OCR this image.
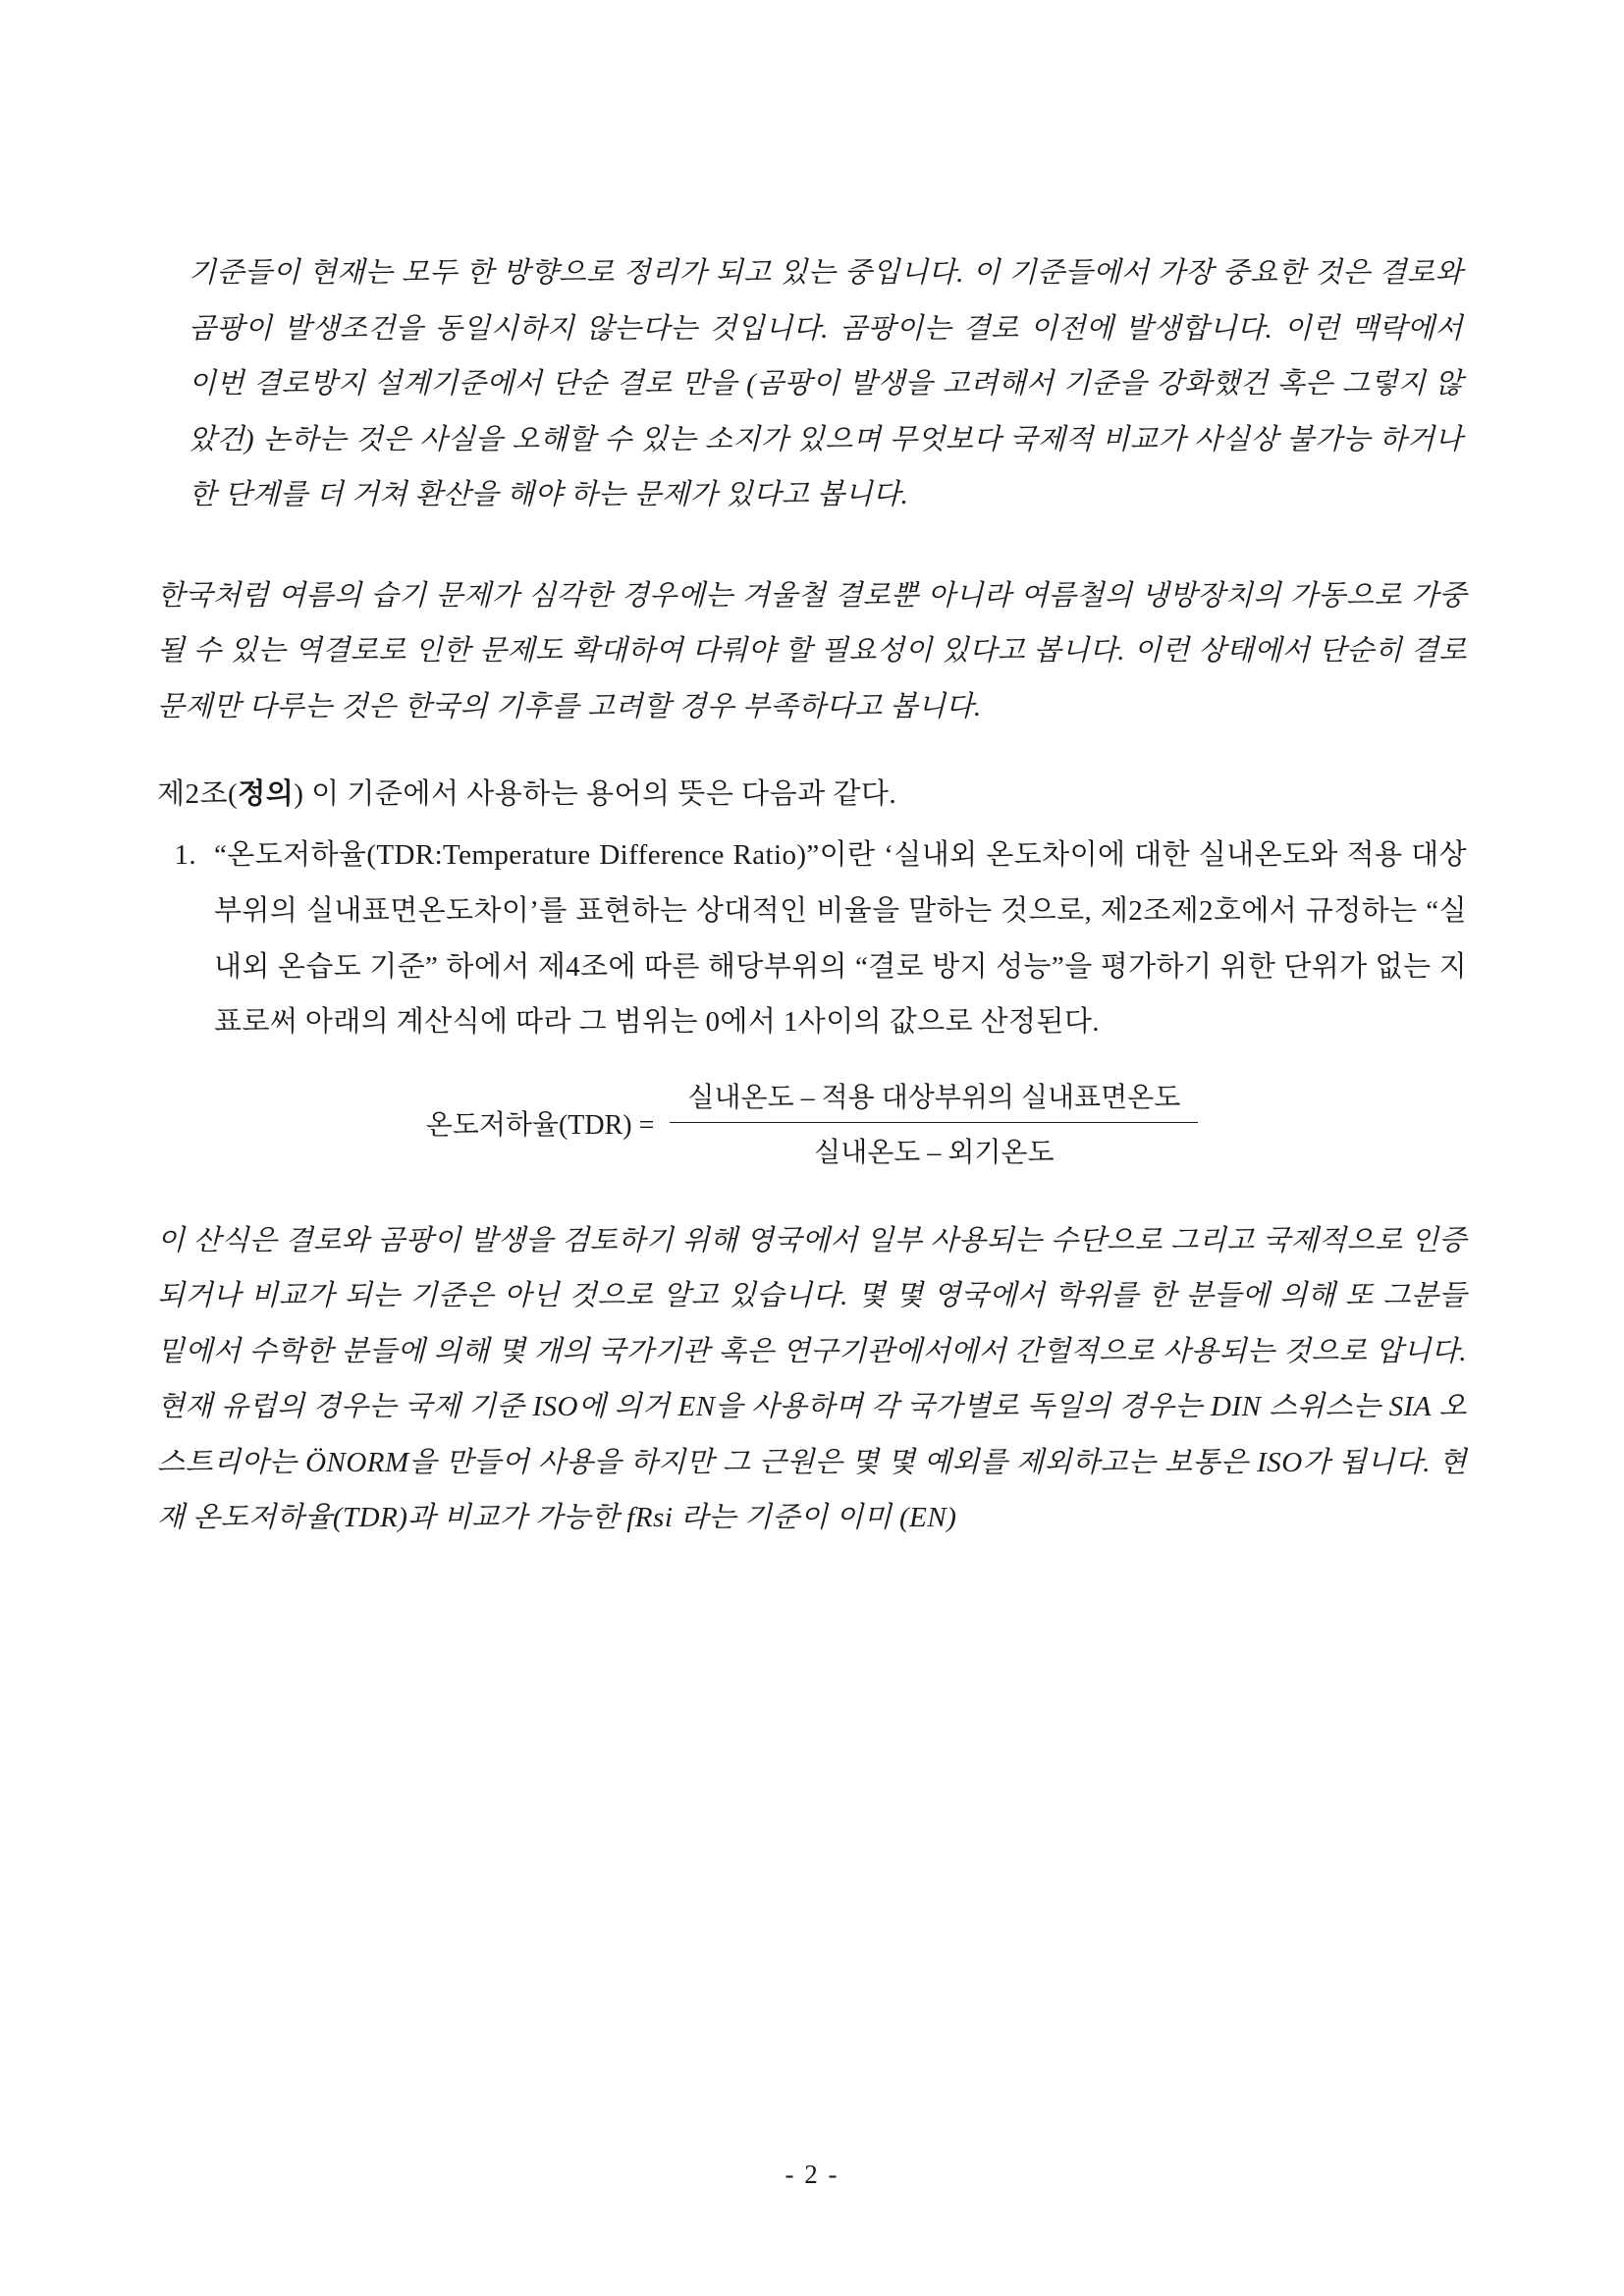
기준들이 현재는 모두 한 방향으로 정리가 되고 있는 중입니다. 이 기준들에서 가장 중요한 것은 결로와 곰팡이 발생조건을 동일시하지 않는다는 것입니다. 곰팡이는 결로 이전에 발생합니다. 이런 맥락에서 이번 결로방지 설계기준에서 단순 결로 만을 (곰팡이 발생을 고려해서 기준을 강화했건 혹은 그렇지 않았건) 논하는 것은 사실을 오해할 수 있는 소지가 있으며 무엇보다 국제적 비교가 사실상 불가능 하거나 한 단계를 더 거쳐 환산을 해야 하는 문제가 있다고 봅니다.
한국처럼 여름의 습기 문제가 심각한 경우에는 겨울철 결로뿐 아니라 여름철의 냉방장치의 가동으로 가중될 수 있는 역결로로 인한 문제도 확대하여 다뤄야 할 필요성이 있다고 봅니다. 이런 상태에서 단순히 결로 문제만 다루는 것은 한국의 기후를 고려할 경우 부족하다고 봅니다.
제2조(정의) 이 기준에서 사용하는 용어의 뜻은 다음과 같다.
1. “온도저하율(TDR:Temperature Difference Ratio)”이란 ‘실내외 온도차이에 대한 실내온도와 적용 대상부위의 실내표면온도차이’를 표현하는 상대적인 비율을 말하는 것으로, 제2조제2호에서 규정하는 “실내외 온습도 기준” 하에서 제4조에 따른 해당부위의 “결로 방지 성능”을 평가하기 위한 단위가 없는 지표로써 아래의 계산식에 따라 그 범위는 0에서 1사이의 값으로 산정된다.
온도저하율$(TDR) = \frac{\text{실내온도 – 적용 대상부위의 실내표면온도}}{\text{실내온도 – 외기온도}}$
이 산식은 결로와 곰팡이 발생을 검토하기 위해 영국에서 일부 사용되는 수단으로 그리고 국제적으로 인증되거나 비교가 되는 기준은 아닌 것으로 알고 있습니다. 몇 몇 영국에서 학위를 한 분들에 의해 또 그분들 밑에서 수학한 분들에 의해 몇 개의 국가기관 혹은 연구기관에서에서 간헐적으로 사용되는 것으로 압니다. 현재 유럽의 경우는 국제 기준 ISO에 의거 EN을 사용하며 각 국가별로 독일의 경우는 DIN 스위스는 SIA 오스트리아는 ÖNORM을 만들어 사용을 하지만 그 근원은 몇 몇 예외를 제외하고는 보통은 ISO가 됩니다. 현재 온도저하율(TDR)과 비교가 가능한 fRsi 라는 기준이 이미 (EN)
- 2 -
